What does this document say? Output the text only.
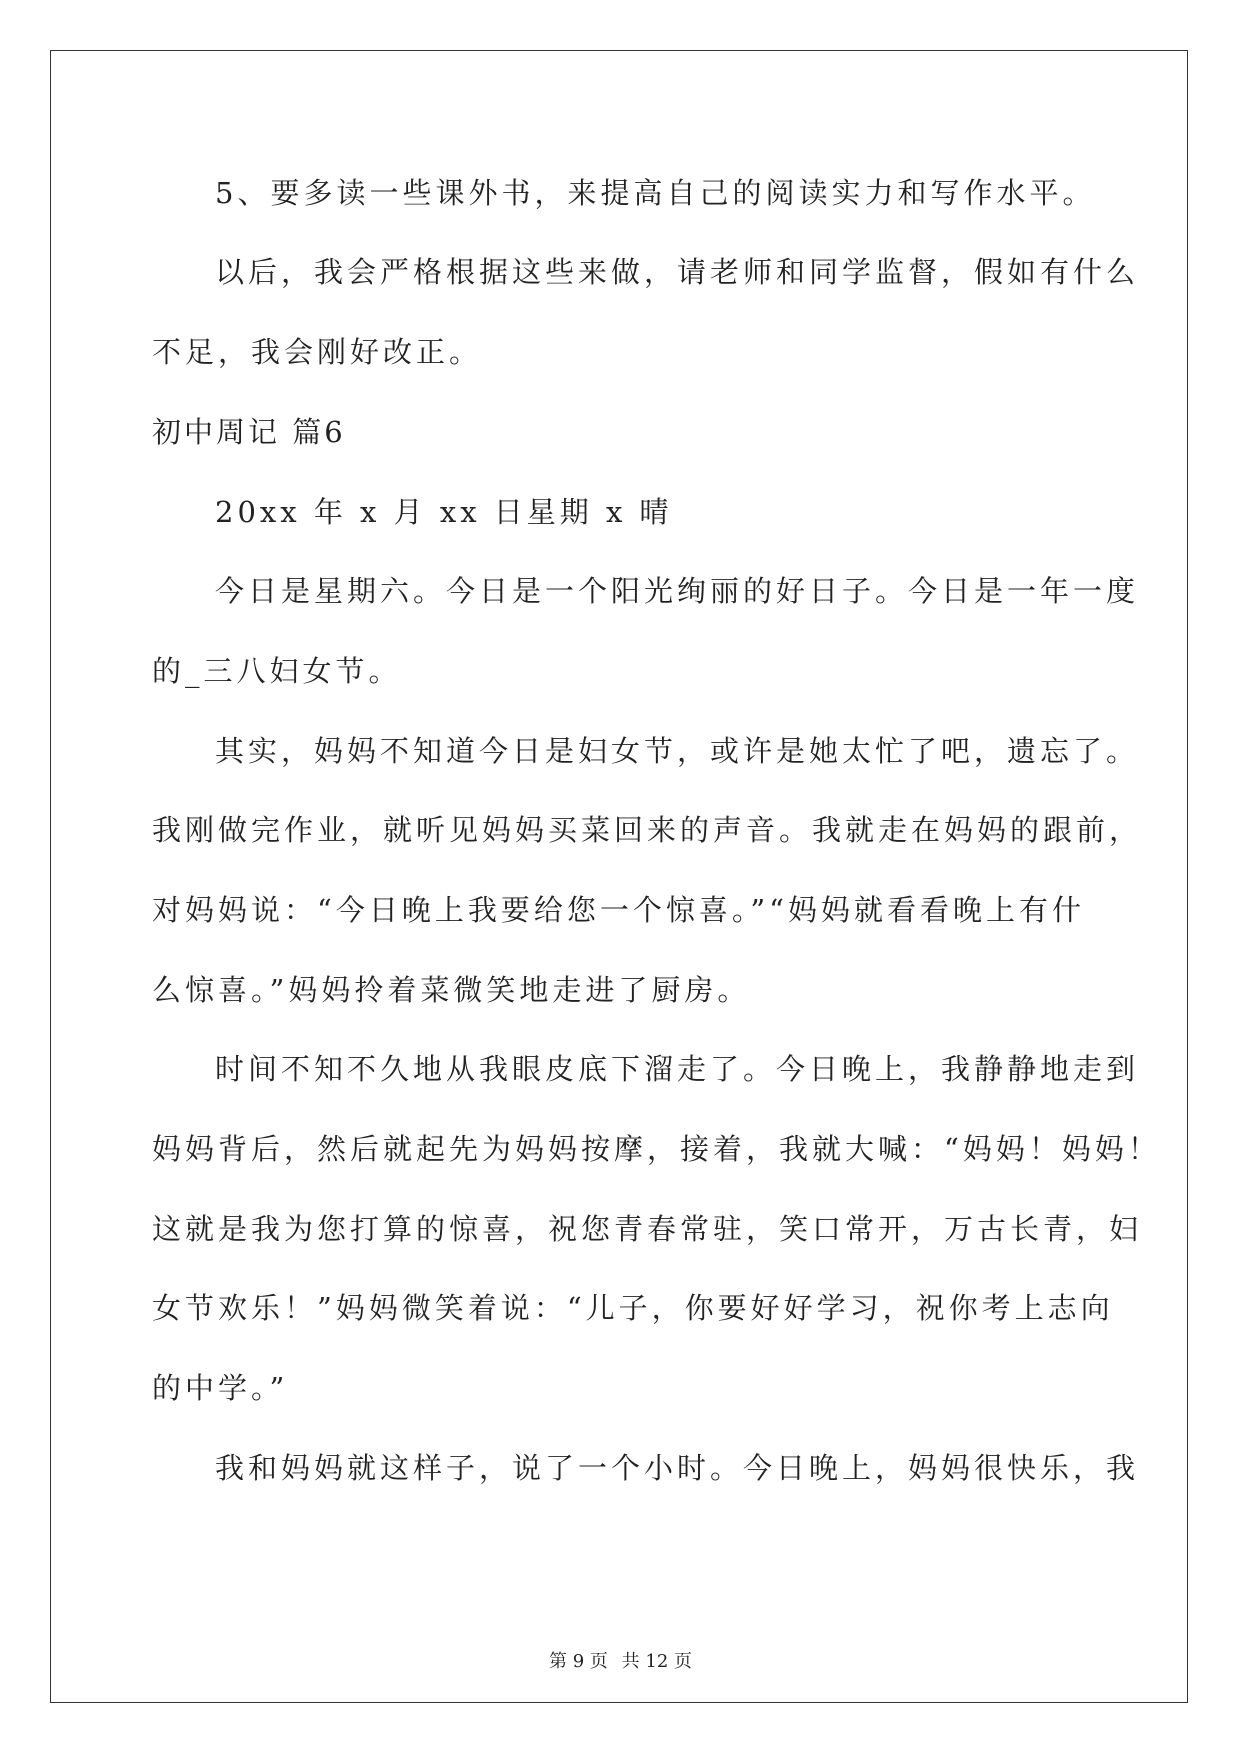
5、要多读一些课外书，来提高自己的阅读实力和写作水平。
以后，我会严格根据这些来做，请老师和同学监督，假如有什么
不足，我会刚好改正。
初中周记 篇6
20xx 年 x 月 xx 日星期 x 晴
今日是星期六。今日是一个阳光绚丽的好日子。今日是一年一度
的_三八妇女节。
其实，妈妈不知道今日是妇女节，或许是她太忙了吧，遗忘了。
我刚做完作业，就听见妈妈买菜回来的声音。我就走在妈妈的跟前，
对妈妈说：“今日晚上我要给您一个惊喜。”“妈妈就看看晚上有什
么惊喜。”妈妈拎着菜微笑地走进了厨房。
时间不知不久地从我眼皮底下溜走了。今日晚上，我静静地走到
妈妈背后，然后就起先为妈妈按摩，接着，我就大喊：“妈妈！妈妈！
这就是我为您打算的惊喜，祝您青春常驻，笑口常开，万古长青，妇
女节欢乐！”妈妈微笑着说：“儿子，你要好好学习，祝你考上志向
的中学。”
我和妈妈就这样子，说了一个小时。今日晚上，妈妈很快乐，我
第 9 页 共 12 页
